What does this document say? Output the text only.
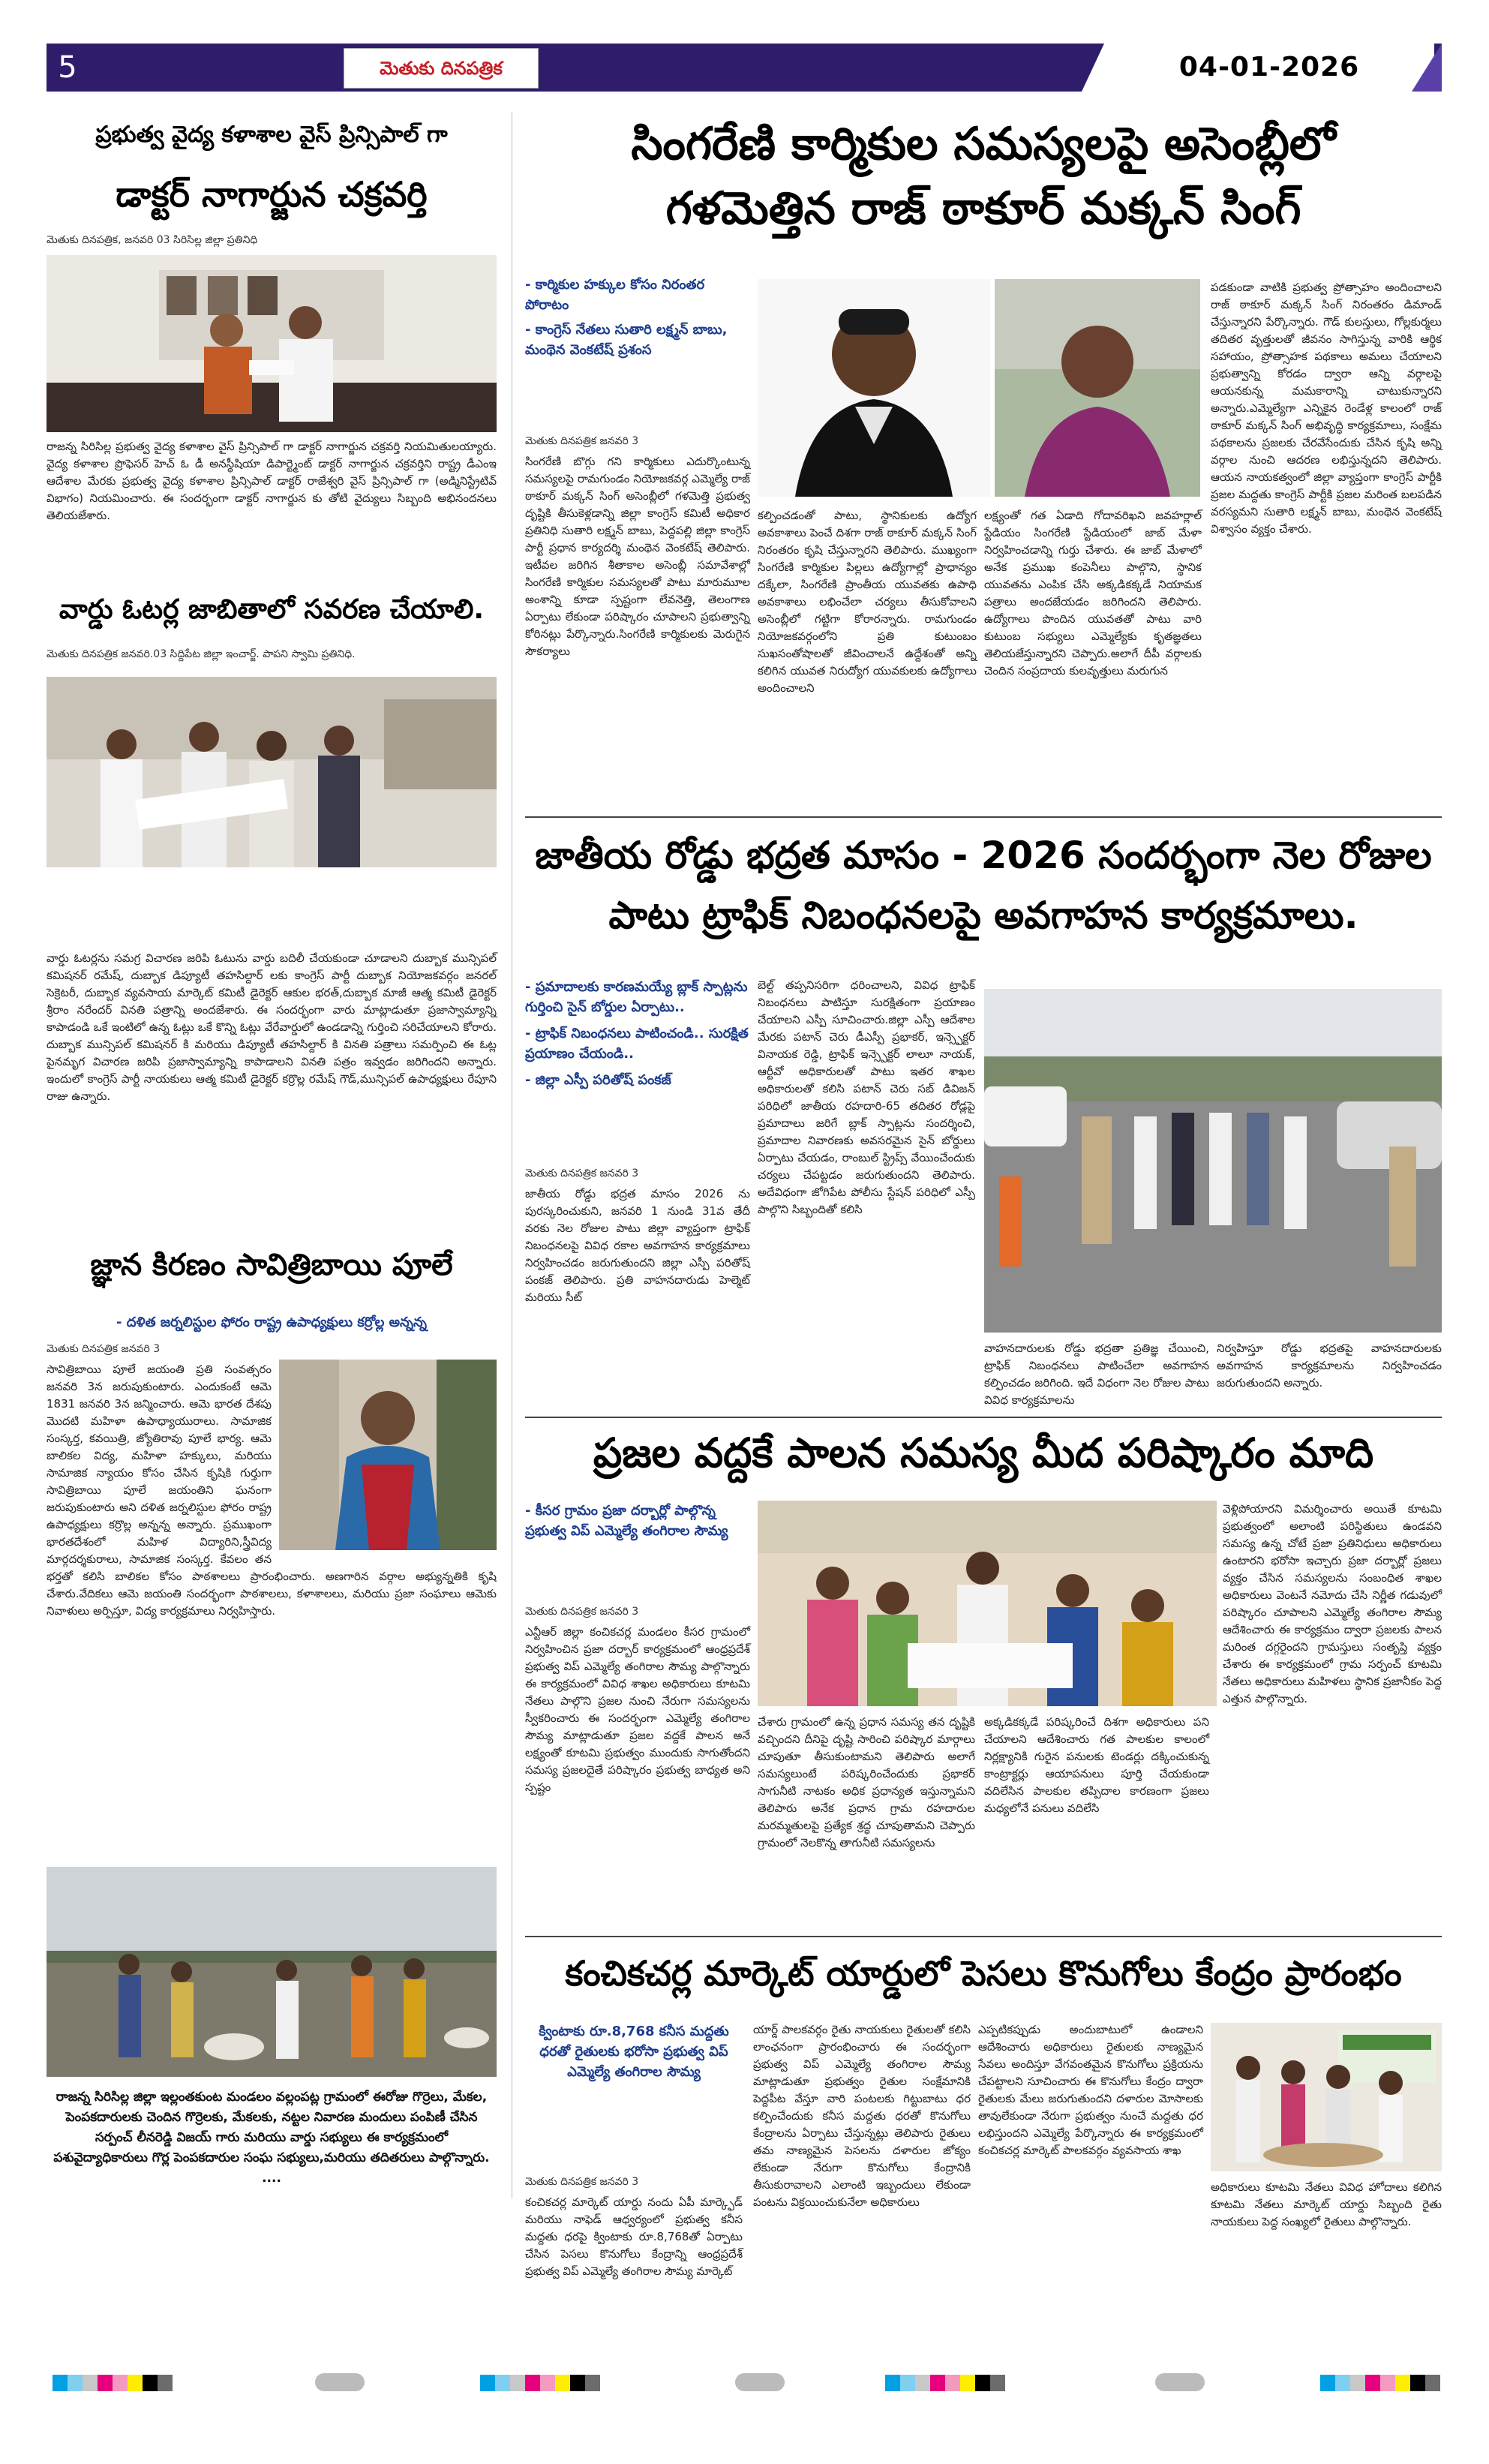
5	మెతుకు దినపత్రిక	04-01-2026
ప్రభుత్వ వైద్య కళాశాల వైస్ ప్రిన్సిపాల్ గా
డాక్టర్ నాగార్జున చక్రవర్తి
మెతుకు దినపత్రిక, జనవరి 03 సిరిసిల్ల జిల్లా ప్రతినిధి
రాజన్న సిరిసిల్ల ప్రభుత్వ వైద్య కళాశాల వైస్ ప్రిన్సిపాల్ గా డాక్టర్ నాగార్జున చక్రవర్తి నియమితులయ్యారు. వైద్య కళాశాల ప్రొఫెసర్ హెచ్ ఓ డీ అనస్థీషియా డిపార్ట్మెంట్ డాక్టర్ నాగార్జున చక్రవర్తిని రాష్ట్ర డీఎంఇ ఆదేశాల మేరకు ప్రభుత్వ వైద్య కళాశాల ప్రిన్సిపాల్ డాక్టర్ రాజేశ్వరి వైస్ ప్రిన్సిపాల్ గా (అడ్మినిస్ట్రేటివ్ విభాగం) నియమించారు. ఈ సందర్భంగా డాక్టర్ నాగార్జున కు తోటి వైద్యులు సిబ్బంది అభినందనలు తెలియజేశారు.
వార్డు ఓటర్ల జాబితాలో సవరణ చేయాలి.
మెతుకు దినపత్రిక జనవరి.03 సిద్దిపేట జిల్లా ఇంచార్జ్. పాపని స్వామి ప్రతినిధి.
వార్డు ఓటర్లను సమగ్ర విచారణ జరిపి ఓటును వార్డు బదిలీ చేయకుండా చూడాలని దుబ్బాక మున్సిపల్ కమిషనర్ రమేష్, దుబ్బాక డిప్యూటీ తహసిల్దార్ లకు కాంగ్రెస్ పార్టీ దుబ్బాక నియోజకవర్గం జనరల్ సెక్రెటరీ, దుబ్బాక వ్యవసాయ మార్కెట్ కమిటీ డైరెక్టర్ ఆకుల భరత్,దుబ్బాక మాజీ ఆత్మ కమిటీ డైరెక్టర్ శ్రీరాం నరేందర్ వినతి పత్రాన్ని అందజేశారు. ఈ సందర్భంగా వారు మాట్లాడుతూ ప్రజాస్వామ్యాన్ని కాపాడండి ఒకే ఇంటిలో ఉన్న ఓట్లు ఒకే కొన్ని ఓట్లు వేరేవార్డులో ఉండడాన్ని గుర్తించి సరిచేయాలని కోరారు. దుబ్బాక మున్సిపల్ కమిషనర్ కి మరియు డిప్యూటీ తహసిల్దార్ కి వినతి పత్రాలు సమర్పించి ఈ ఓట్ల పైనమృగ విచారణ జరిపి ప్రజాస్వామ్యాన్ని కాపాడాలని వినతి పత్రం ఇవ్వడం జరిగిందని అన్నారు. ఇందులో కాంగ్రెస్ పార్టీ నాయకులు ఆత్మ కమిటీ డైరెక్టర్ కర్రొల్ల రమేష్ గౌడ్,మున్సిపల్ ఉపాధ్యక్షులు రేపూని రాజు ఉన్నారు.
జ్ఞాన కిరణం సావిత్రిబాయి పూలే
- దళిత జర్నలిస్టుల ఫోరం రాష్ట్ర ఉపాధ్యక్షులు కర్రోల్ల అన్నన్న
మెతుకు దినపత్రిక జనవరి 3
సావిత్రిబాయి పూలే జయంతి ప్రతి సంవత్సరం జనవరి 3న జరుపుకుంటారు. ఎందుకంటే ఆమె 1831 జనవరి 3న జన్మించారు. ఆమె భారత దేశపు మొదటి మహిళా ఉపాధ్యాయురాలు. సామాజిక సంస్కర్త, కవయిత్రి, జ్యోతిరావు పూలే భార్య. ఆమె బాలికల విద్య, మహిళా హక్కులు, మరియు సామాజిక న్యాయం కోసం చేసిన కృషికి గుర్తుగా సావిత్రిబాయి పూలే జయంతిని ఘనంగా జరుపుకుంటారు అని దళిత జర్నలిస్టుల ఫోరం రాష్ట్ర ఉపాధ్యక్షులు కర్రొల్ల అన్నన్న అన్నారు. ప్రముఖంగా భారతదేశంలో మహిళ విద్యారిని,స్త్రీవిద్య మార్గదర్శకురాలు, సామాజిక సంస్కర్త. కేవలం తన భర్తతో కలిసి బాలికల కోసం పాఠశాలలు ప్రారంభించారు. అణగారిన వర్గాల అభ్యున్నతికి కృషి చేశారు.వేదికలు ఆమె జయంతి సందర్భంగా పాఠశాలలు, కళాశాలలు, మరియు ప్రజా సంఘాలు ఆమెకు నివాళులు అర్పిస్తూ, విద్య కార్యక్రమాలు నిర్వహిస్తారు.
రాజన్న సిరిసిల్ల జిల్లా ఇల్లంతకుంట మండలం వల్లంపట్ల గ్రామంలో ఈరోజు గొర్రెలు, మేకల, పెంపకదారులకు చెందిన గొర్రెలకు, మేకలకు, నట్టల నివారణ మందులు పంపిణీ చేసిన సర్పంచ్ లీనరెడ్డి విజయ్ గారు మరియు వార్డు సభ్యులు ఈ కార్యక్రమంలో పశువైద్యాధికారులు గొర్ల పెంపకదారుల సంఘ సభ్యులు,మరియు తదితరులు పాల్గొన్నారు. ....
సింగరేణి కార్మికుల సమస్యలపై అసెంబ్లీలో
గళమెత్తిన రాజ్ ఠాకూర్ మక్కన్ సింగ్
- కార్మికుల హక్కుల కోసం నిరంతర పోరాటం
- కాంగ్రెస్ నేతలు సుతారి లక్ష్మన్ బాబు, మంథెన వెంకటేష్ ప్రశంస
మెతుకు దినపత్రిక జనవరి 3
సింగరేణి బొగ్గు గని కార్మికులు ఎదుర్కొంటున్న సమస్యలపై రామగుండం నియోజకవర్గ ఎమ్మెల్యే రాజ్ ఠాకూర్ మక్కన్ సింగ్ అసెంబ్లీలో గళమెత్తి ప్రభుత్వ దృష్టికి తీసుకెళ్లడాన్ని జిల్లా కాంగ్రెస్ కమిటీ అధికార ప్రతినిధి సుతారి లక్ష్మన్ బాబు, పెద్దపల్లి జిల్లా కాంగ్రెస్ పార్టీ ప్రధాన కార్యదర్శి మంథెన వెంకటేష్ తెలిపారు. ఇటీవల జరిగిన శీతాకాల అసెంబ్లీ సమావేశాల్లో సింగరేణి కార్మికుల సమస్యలతో పాటు మారుమూల అంశాన్ని కూడా స్పష్టంగా లేవనెత్తి, తెలంగాణ ఏర్పాటు లేకుండా పరిష్కారం చూపాలని ప్రభుత్వాన్ని కోరినట్లు పేర్కొన్నారు.సింగరేణి కార్మికులకు మెరుగైన సౌకర్యాలు
కల్పించడంతో పాటు, స్థానికులకు ఉద్యోగ అవకాశాలు పెంచే దిశగా రాజ్ ఠాకూర్ మక్కన్ సింగ్ నిరంతరం కృషి చేస్తున్నారని తెలిపారు. ముఖ్యంగా సింగరేణి కార్మికుల పిల్లలు ఉద్యోగాల్లో ప్రాధాన్యం దక్కేలా, సింగరేణి ప్రాంతీయ యువతకు ఉపాధి అవకాశాలు లభించేలా చర్యలు తీసుకోవాలని అసెంబ్లీలో గట్టిగా కోరారన్నారు. రామగుండం నియోజకవర్గంలోని ప్రతి కుటుంబం సుఖసంతోషాలతో జీవించాలనే ఉద్దేశంతో అన్ని కలిగిన యువత నిరుద్యోగ యువకులకు ఉద్యోగాలు అందించాలని
లక్ష్యంతో గత ఏడాది గోదావరిఖని జవహర్లాల్ స్టేడియం సింగరేణి స్టేడియంలో జాబ్ మేళా నిర్వహించడాన్ని గుర్తు చేశారు. ఈ జాబ్ మేళాలో అనేక ప్రముఖ కంపెనీలు పాల్గొని, స్థానిక యువతను ఎంపిక చేసి అక్కడికక్కడే నియామక పత్రాలు అందజేయడం జరిగిందని తెలిపారు. ఉద్యోగాలు పొందిన యువతతో పాటు వారి కుటుంబ సభ్యులు ఎమ్మెల్యేకు కృతజ్ఞతలు తెలియజేస్తున్నారని చెప్పారు.అలాగే దీపీ వర్గాలకు చెందిన సంప్రదాయ కులవృత్తులు మరుగున
పడకుండా వాటికి ప్రభుత్వ ప్రోత్సాహం అందించాలని రాజ్ ఠాకూర్ మక్కన్ సింగ్ నిరంతరం డిమాండ్ చేస్తున్నారని పేర్కొన్నారు. గౌడ్ కులస్తులు, గోల్లకుర్మలు తదితర వృత్తులతో జీవనం సాగిస్తున్న వారికి ఆర్థిక సహాయం, ప్రోత్సాహక పథకాలు అమలు చేయాలని ప్రభుత్వాన్ని కోరడం ద్వారా ఆన్ని వర్గాలపై ఆయనకున్న మమకారాన్ని చాటుకున్నారని అన్నారు.ఎమ్మెల్యేగా ఎన్నికైన రెండేళ్ల కాలంలో రాజ్ ఠాకూర్ మక్కన్ సింగ్ అభివృద్ధి కార్యక్రమాలు, సంక్షేమ పథకాలను ప్రజలకు చేరవేసేందుకు చేసిన కృషి అన్ని వర్గాల నుంచి ఆదరణ లభిస్తున్నదని తెలిపారు. ఆయన నాయకత్వంలో జిల్లా వ్యాప్తంగా కాంగ్రెస్ పార్టీకి ప్రజల మద్దతు కాంగ్రెస్ పార్టీకి ప్రజల మరింత బలపడిన వరస్యమని సుతారి లక్ష్మన్ బాబు, మంథెన వెంకటేష్ విశ్వాసం వ్యక్తం చేశారు.
జాతీయ రోడ్డు భద్రత మాసం - 2026 సందర్భంగా నెల రోజుల
పాటు ట్రాఫిక్ నిబంధనలపై అవగాహన కార్యక్రమాలు.
- ప్రమాదాలకు కారణమయ్యే బ్లాక్ స్పాట్లను గుర్తించి సైన్ బోర్డుల ఏర్పాటు..
- ట్రాఫిక్ నిబంధనలు పాటించండి.. సురక్షిత ప్రయాణం చేయండి..
- జిల్లా ఎస్పీ పరితోష్ పంకజ్
మెతుకు దినపత్రిక జనవరి 3
జాతీయ రోడ్డు భద్రత మాసం 2026 ను పురస్కరించుకుని, జనవరి 1 నుండి 31వ తేదీ వరకు నెల రోజుల పాటు జిల్లా వ్యాప్తంగా ట్రాఫిక్ నిబంధనలపై వివిధ రకాల అవగాహన కార్యక్రమాలు నిర్వహించడం జరుగుతుందని జిల్లా ఎస్పీ పరితోష్ పంకజ్ తెలిపారు. ప్రతి వాహనదారుడు హెల్మెట్ మరియు సీట్
బెల్ట్ తప్పనిసరిగా ధరించాలని, వివిధ ట్రాఫిక్ నిబంధనలు పాటిస్తూ సురక్షితంగా ప్రయాణం చేయాలని ఎస్పీ సూచించారు.జిల్లా ఎస్పీ ఆదేశాల మేరకు పటాన్ చెరు డీఎస్పీ ప్రభాకర్, ఇన్స్పెక్టర్ వినాయక రెడ్డి, ట్రాఫిక్ ఇన్స్పెక్టర్ లాలూ నాయక్, ఆర్టీవో అధికారులతో పాటు ఇతర శాఖల అధికారులతో కలిసి పటాన్ చెరు సబ్ డివిజన్ పరిధిలో జాతీయ రహదారి-65 తదితర రోడ్లపై ప్రమాదాలు జరిగే బ్లాక్ స్పాట్లను సందర్శించి, ప్రమాదాల నివారణకు అవసరమైన సైన్ బోర్డులు ఏర్పాటు చేయడం, రాంబుల్ స్ట్రిప్స్ వేయించేందుకు చర్యలు చేపట్టడం జరుగుతుందని తెలిపారు. అదేవిధంగా జోగిపేట పోలీసు స్టేషన్ పరిధిలో ఎస్పీ పాల్గొని సిబ్బందితో కలిసి
వాహనదారులకు రోడ్డు భద్రతా ప్రతిజ్ఞ చేయించి, ట్రాఫిక్ నిబంధనలు పాటించేలా అవగాహన కల్పించడం జరిగింది. ఇదే విధంగా నెల రోజుల పాటు వివిధ కార్యక్రమాలను
నిర్వహిస్తూ రోడ్డు భద్రతపై వాహనదారులకు అవగాహన కార్యక్రమాలను నిర్వహించడం జరుగుతుందని అన్నారు.
ప్రజల వద్దకే పాలన సమస్య మీద పరిష్కారం మాది
- కీసర గ్రామం ప్రజా దర్బార్లో పాల్గొన్న ప్రభుత్వ విప్ ఎమ్మెల్యే తంగిరాల సౌమ్య
మెతుకు దినపత్రిక జనవరి 3
ఎన్టీఆర్ జిల్లా కంచికచర్ల మండలం కీసర గ్రామంలో నిర్వహించిన ప్రజా దర్బార్ కార్యక్రమంలో ఆంధ్రప్రదేశ్ ప్రభుత్వ విప్ ఎమ్మెల్యే తంగిరాల సౌమ్య పాల్గొన్నారు ఈ కార్యక్రమంలో వివిధ శాఖల అధికారులు కూటమి నేతలు పాల్గొని ప్రజల నుంచి నేరుగా సమస్యలను స్వీకరించారు ఈ సందర్భంగా ఎమ్మెల్యే తంగిరాల సౌమ్య మాట్లాడుతూ ప్రజల వద్దకే పాలన అనే లక్ష్యంతో కూటమి ప్రభుత్వం ముందుకు సాగుతోందని సమస్య ప్రజలదైతే పరిష్కారం ప్రభుత్వ బాధ్యత అని స్పష్టం
చేశారు గ్రామంలో ఉన్న ప్రధాన సమస్య తన దృష్టికి వచ్చిందని దీనిపై దృష్టి సారించి పరిష్కార మార్గాలు చూపుతూ తీసుకుంటామని తెలిపారు అలాగే సమస్యలుంటే పరిష్కరించేందుకు ప్రభాకర్ సాగునీటి నాటకం అధిక ప్రధాన్యత ఇస్తున్నామని తెలిపారు అనేక ప్రధాన గ్రామ రహదారుల మరమ్మతులపై ప్రత్యేక శ్రద్ధ చూపుతామని చెప్పారు గ్రామంలో నెలకొన్న తాగునీటి సమస్యలను
అక్కడికక్కడే పరిష్కరించే దిశగా అధికారులు పని చేయాలని ఆదేశించారు గత పాలకుల కాలంలో నిర్లక్ష్యానికి గురైన పనులకు టెండర్లు దక్కించుకున్న కాంట్రాక్టర్లు ఆయాపనులు పూర్తి చేయకుండా వదిలేసిన పాలకుల తప్పిదాల కారణంగా ప్రజలు మధ్యలోనే పనులు వదిలేసి
వెళ్లిపోయారని విమర్శించారు అయితే కూటమి ప్రభుత్వంలో అలాంటి పరిస్థితులు ఉండవని సమస్య ఉన్న చోటే ప్రజా ప్రతినిధులు అధికారులు ఉంటారని భరోసా ఇచ్చారు ప్రజా దర్బార్లో ప్రజలు వ్యక్తం చేసిన సమస్యలను సంబంధిత శాఖల అధికారులు వెంటనే నమోదు చేసి నిర్ణీత గడువులో పరిష్కారం చూపాలని ఎమ్మెల్యే తంగిరాల సౌమ్య ఆదేశించారు ఈ కార్యక్రమం ద్వారా ప్రజలకు పాలన మరింత దగ్గరైందని గ్రామస్తులు సంతృప్తి వ్యక్తం చేశారు ఈ కార్యక్రమంలో గ్రామ సర్పంచ్ కూటమి నేతలు అధికారులు మహిళలు స్థానిక ప్రజానీకం పెద్ద ఎత్తున పాల్గొన్నారు.
కంచికచర్ల మార్కెట్ యార్డులో పెసలు కొనుగోలు కేంద్రం ప్రారంభం
క్వింటాకు రూ.8,768 కనీస మద్దతు ధరతో రైతులకు భరోసా ప్రభుత్వ విప్ ఎమ్మెల్యే తంగిరాల సౌమ్య
మెతుకు దినపత్రిక జనవరి 3
కంచికచర్ల మార్కెట్ యార్డు నందు ఏపీ మార్క్ఫెడ్ మరియు నాఫెడ్ ఆధ్వర్యంలో ప్రభుత్వ కనీస మద్దతు ధరపై క్వింటాకు రూ.8,768తో ఏర్పాటు చేసిన పెసలు కొనుగోలు కేంద్రాన్ని ఆంధ్రప్రదేశ్ ప్రభుత్వ విప్ ఎమ్మెల్యే తంగిరాల సౌమ్య మార్కెట్
యార్డ్ పాలకవర్గం రైతు నాయకులు రైతులతో కలిసి లాంఛనంగా ప్రారంభించారు ఈ సందర్భంగా ప్రభుత్వ విప్ ఎమ్మెల్యే తంగిరాల సౌమ్య మాట్లాడుతూ ప్రభుత్వం రైతుల సంక్షేమానికి పెద్దపీట వేస్తూ వారి పంటలకు గిట్టుబాటు ధర కల్పించేందుకు కనీస మద్దతు ధరతో కొనుగోలు కేంద్రాలను ఏర్పాటు చేస్తున్నట్లు తెలిపారు రైతులు తమ నాణ్యమైన పెసలను దళారుల జోక్యం లేకుండా నేరుగా కొనుగోలు కేంద్రానికి తీసుకురావాలని ఎలాంటి ఇబ్బందులు లేకుండా పంటను విక్రయించుకునేలా అధికారులు
ఎప్పటికప్పుడు అందుబాటులో ఉండాలని ఆదేశించారు అధికారులు రైతులకు నాణ్యమైన సేవలు అందిస్తూ వేగవంతమైన కొనుగోలు ప్రక్రియను చేపట్టాలని సూచించారు ఈ కొనుగోలు కేంద్రం ద్వారా రైతులకు మేలు జరుగుతుందని దళారుల మోసాలకు తావులేకుండా నేరుగా ప్రభుత్వం నుంచే మద్దతు ధర లభిస్తుందని ఎమ్మెల్యే పేర్కొన్నారు ఈ కార్యక్రమంలో కంచికచర్ల మార్కెట్ పాలకవర్గం వ్యవసాయ శాఖ
అధికారులు కూటమి నేతలు వివిధ హోదాలు కలిగిన కూటమి నేతలు మార్కెట్ యార్డు సిబ్బంది రైతు నాయకులు పెద్ద సంఖ్యలో రైతులు పాల్గొన్నారు.
